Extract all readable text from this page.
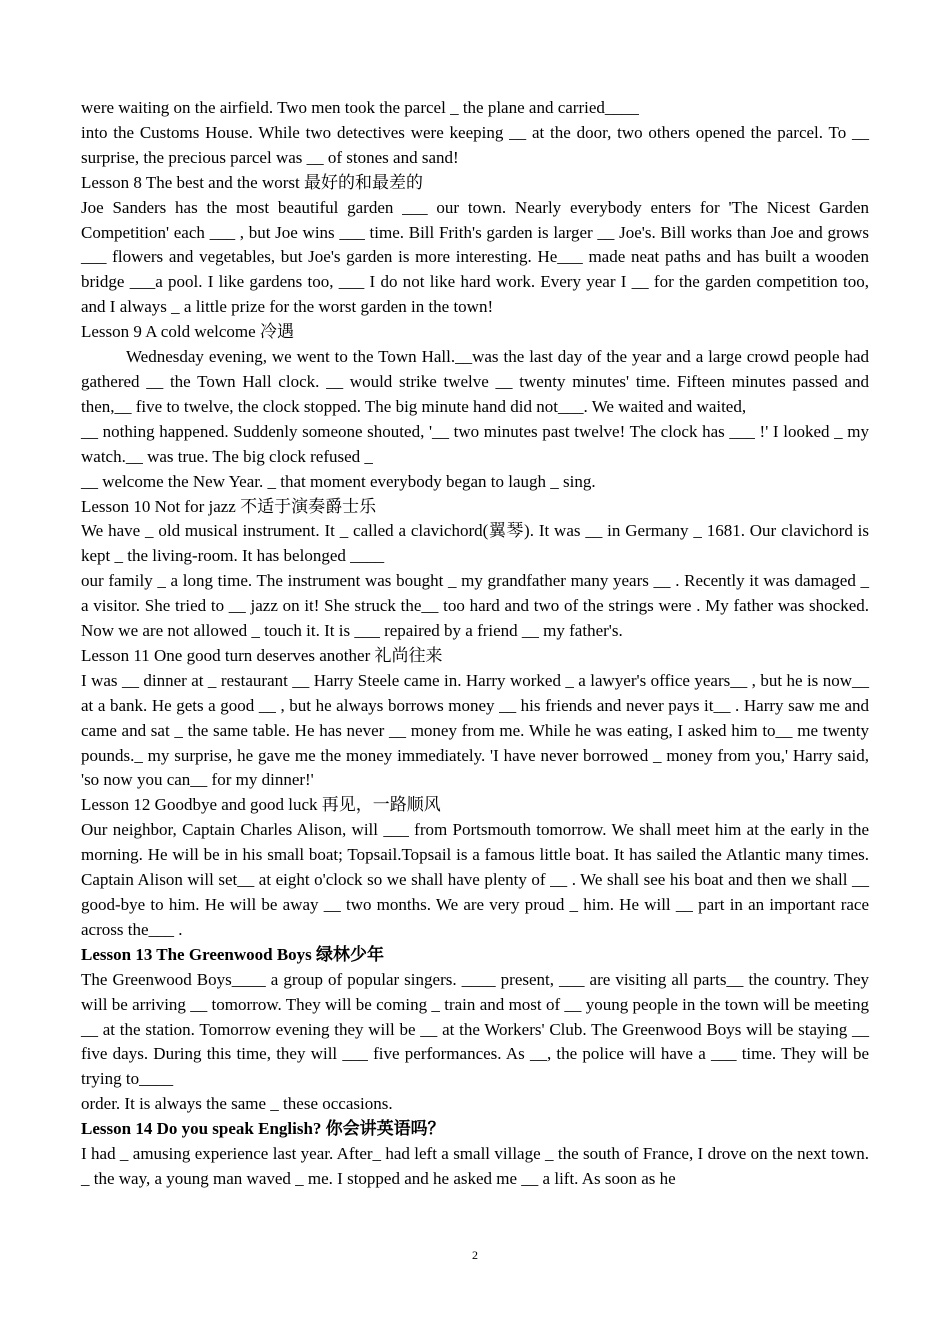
were waiting on the airfield. Two men took the parcel _ the plane and carried____

into the Customs House. While two detectives were keeping __ at the door, two others opened the parcel. To __ surprise, the precious parcel was __ of stones and sand!

Lesson 8 The best and the worst 最好的和最差的

Joe Sanders has the most beautiful garden ___ our town. Nearly everybody enters for 'The Nicest Garden Competition' each ___ , but Joe wins ___ time. Bill Frith's garden is larger __ Joe's. Bill works than Joe and grows ___ flowers and vegetables, but Joe's garden is more interesting. He___ made neat paths and has built a wooden bridge ___a pool. I like gardens too, ___ I do not like hard work. Every year I __ for the garden competition too, and I always _ a little prize for the worst garden in the town!

Lesson 9 A cold welcome 冷遇

Wednesday evening, we went to the Town Hall.__was the last day of the year and a large crowd people had gathered __ the Town Hall clock. __ would strike twelve __ twenty minutes' time. Fifteen minutes passed and then,__ five to twelve, the clock stopped. The big minute hand did not___. We waited and waited,

__ nothing happened. Suddenly someone shouted, '__ two minutes past twelve! The clock has ___ !' I looked _ my watch.__ was true. The big clock refused _

__ welcome the New Year. _ that moment everybody began to laugh _ sing.

Lesson 10 Not for jazz 不适于演奏爵士乐

We have _ old musical instrument. It _ called a clavichord(翼琴). It was __ in Germany _ 1681. Our clavichord is kept _ the living-room. It has belonged ____

our family _ a long time. The instrument was bought _ my grandfather many years __ . Recently it was damaged _ a visitor. She tried to __ jazz on it! She struck the__ too hard and two of the strings were . My father was shocked. Now we are not allowed _ touch it. It is ___ repaired by a friend __ my father's.

Lesson 11 One good turn deserves another 礼尚往来

I was __ dinner at _ restaurant __ Harry Steele came in. Harry worked _ a lawyer's office years__ , but he is now__ at a bank. He gets a good __ , but he always borrows money __ his friends and never pays it__ . Harry saw me and came and sat _ the same table. He has never __ money from me. While he was eating, I asked him to__ me twenty pounds._ my surprise, he gave me the money immediately. 'I have never borrowed _ money from you,' Harry said, 'so now you can__ for my dinner!'

Lesson 12 Goodbye and good luck 再见，一路顺风

Our neighbor, Captain Charles Alison, will ___ from Portsmouth tomorrow. We shall meet him at the early in the morning. He will be in his small boat; Topsail.Topsail is a famous little boat. It has sailed the Atlantic many times. Captain Alison will set__ at eight o'clock so we shall have plenty of __ . We shall see his boat and then we shall __ good-bye to him. He will be away __ two months. We are very proud _ him. He will __ part in an important race across the___ .

Lesson 13 The Greenwood Boys 绿林少年

The Greenwood Boys____ a group of popular singers. ____ present, ___ are visiting all parts__ the country. They will be arriving __ tomorrow. They will be coming _ train and most of __ young people in the town will be meeting __ at the station. Tomorrow evening they will be __ at the Workers' Club. The Greenwood Boys will be staying __ five days. During this time, they will ___ five performances. As __, the police will have a ___ time. They will be trying to____

order. It is always the same _ these occasions.

Lesson 14 Do you speak English? 你会讲英语吗？

I had _ amusing experience last year. After_ had left a small village _ the south of France, I drove on the next town. _ the way, a young man waved _ me. I stopped and he asked me __ a lift. As soon as he

2
